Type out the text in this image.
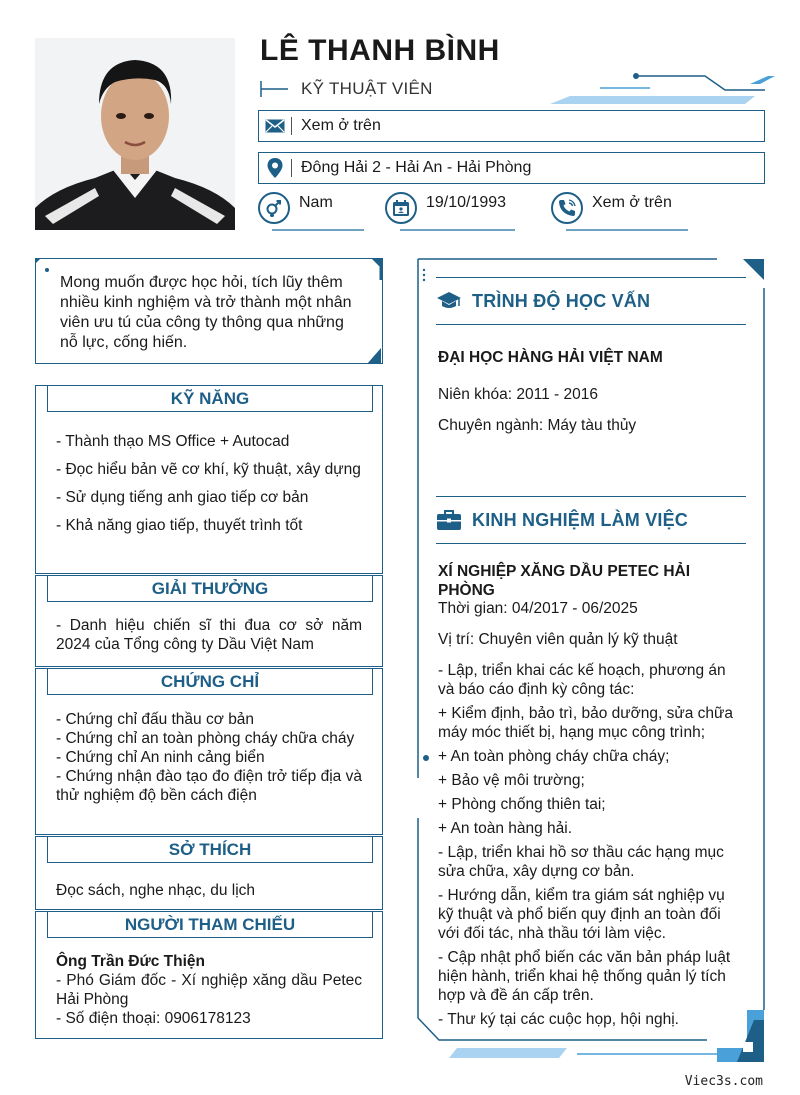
LÊ THANH BÌNH
KỸ THUẬT VIÊN
Xem ở trên
Đông Hải 2 - Hải An - Hải Phòng
Nam	19/10/1993	Xem ở trên
Mong muốn được học hỏi, tích lũy thêm nhiều kinh nghiệm và trở thành một nhân viên ưu tú của công ty thông qua những nỗ lực, cống hiến.
KỸ NĂNG

- Thành thạo MS Office + Autocad

- Đọc hiểu bản vẽ cơ khí, kỹ thuật, xây dựng

- Sử dụng tiếng anh giao tiếp cơ bản

- Khả năng giao tiếp, thuyết trình tốt

GIẢI THƯỞNG

- Danh hiệu chiến sĩ thi đua cơ sở năm 2024 của Tổng công ty Dầu Việt Nam

CHỨNG CHỈ

- Chứng chỉ đấu thầu cơ bản

- Chứng chỉ an toàn phòng cháy chữa cháy

- Chứng chỉ An ninh cảng biển

- Chứng nhận đào tạo đo điện trở tiếp địa và thử nghiệm độ bền cách điện

SỞ THÍCH

Đọc sách, nghe nhạc, du lịch

NGƯỜI THAM CHIẾU

Ông Trần Đức Thiện

- Phó Giám đốc - Xí nghiệp xăng dầu Petec Hải Phòng

- Số điện thoại: 0906178123

TRÌNH ĐỘ HỌC VẤN
ĐẠI HỌC HÀNG HẢI VIỆT NAM
Niên khóa: 2011 - 2016
Chuyên ngành: Máy tàu thủy
KINH NGHIỆM LÀM VIỆC
XÍ NGHIỆP XĂNG DẦU PETEC HẢI PHÒNG
Thời gian: 04/2017 - 06/2025
Vị trí: Chuyên viên quản lý kỹ thuật

- Lập, triển khai các kế hoạch, phương án và báo cáo định kỳ công tác:

+ Kiểm định, bảo trì, bảo dưỡng, sửa chữa máy móc thiết bị, hạng mục công trình;

+ An toàn phòng cháy chữa cháy;

+ Bảo vệ môi trường;

+ Phòng chống thiên tai;

+ An toàn hàng hải.

- Lập, triển khai hồ sơ thầu các hạng mục sửa chữa, xây dựng cơ bản.

- Hướng dẫn, kiểm tra giám sát nghiệp vụ kỹ thuật và phổ biến quy định an toàn đối với đối tác, nhà thầu tới làm việc.

- Cập nhật phổ biến các văn bản pháp luật hiện hành, triển khai hệ thống quản lý tích hợp và đề án cấp trên.

- Thư ký tại các cuộc họp, hội nghị.

Viec3s.com
